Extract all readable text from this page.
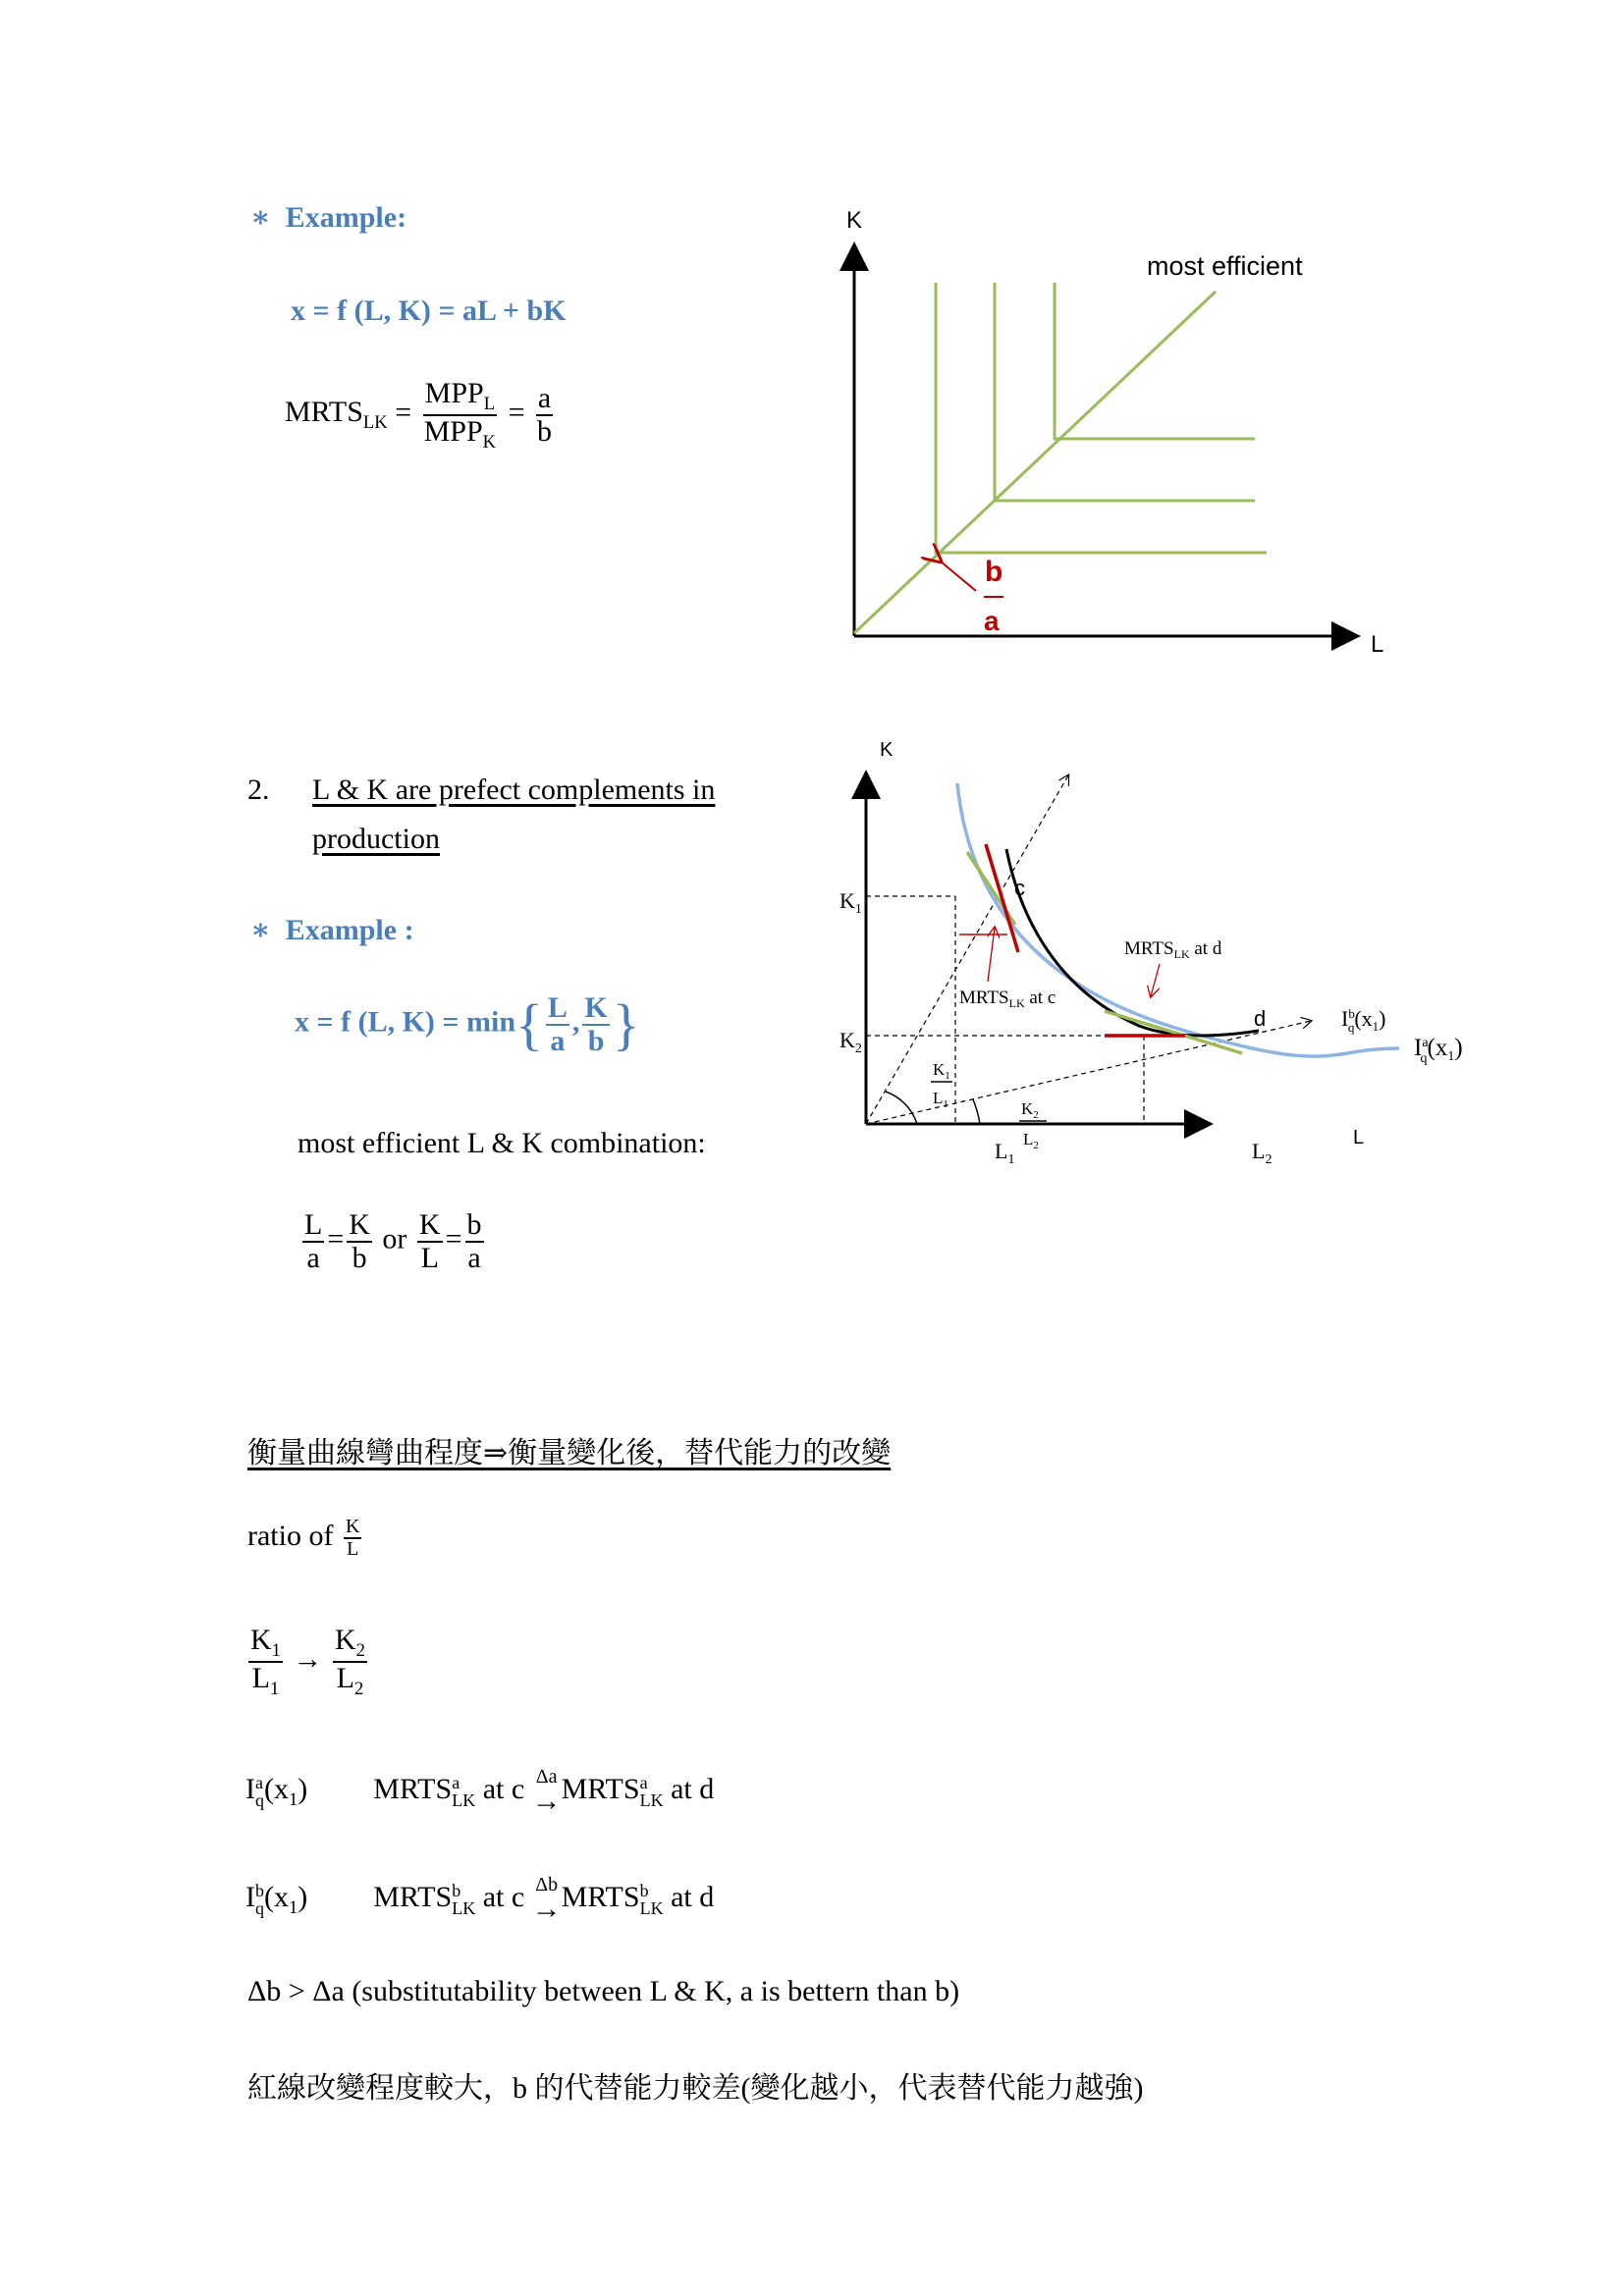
∗ Example:
x = f (L, K) = aL + bK
$MRTS_{LK} = \frac{MPP_L}{MPP_K} = \frac{a}{b}$
K
L
most efficient
b
a
2. L & K are prefect complements in
production
∗ Example :
x = f (L, $K) = \min\{ \frac{L}{a}$ , $\frac{K}{b}$ }
most efficient L & K combination:
$\frac{L}{a} = \frac{K}{b}$ or $\frac{K}{L} = \frac{b}{a}$
K
L
$K_1$
$K_2$
$L_1$	$L_2$
$MRTS_{LK}$ at d
$MRTS_{LK}$ at c
$I^b$ $q(x_1)$
$I^a$ $q(x_1)$
$K_1$
$L_1$	$K_2$
$L_2$
c
d
衡量曲線彎曲程度⇒衡量變化後，替代能力的改變
ratio of $\frac{K}{L}$
$\frac{K_1}{L_1} \to \frac{K_2}{L_2}$
I a
q $(x_1)$ MRTS a
LK at c Δa
→ MRTS a
LK at d
I b
q $(x_1)$ MRTS b
LK at c Δb
→ MRTS b
LK at d
Δb > Δa (substitutability between L & K, a is bettern than b)
紅線改變程度較大，b 的代替能力較差(變化越小，代表替代能力越強)
